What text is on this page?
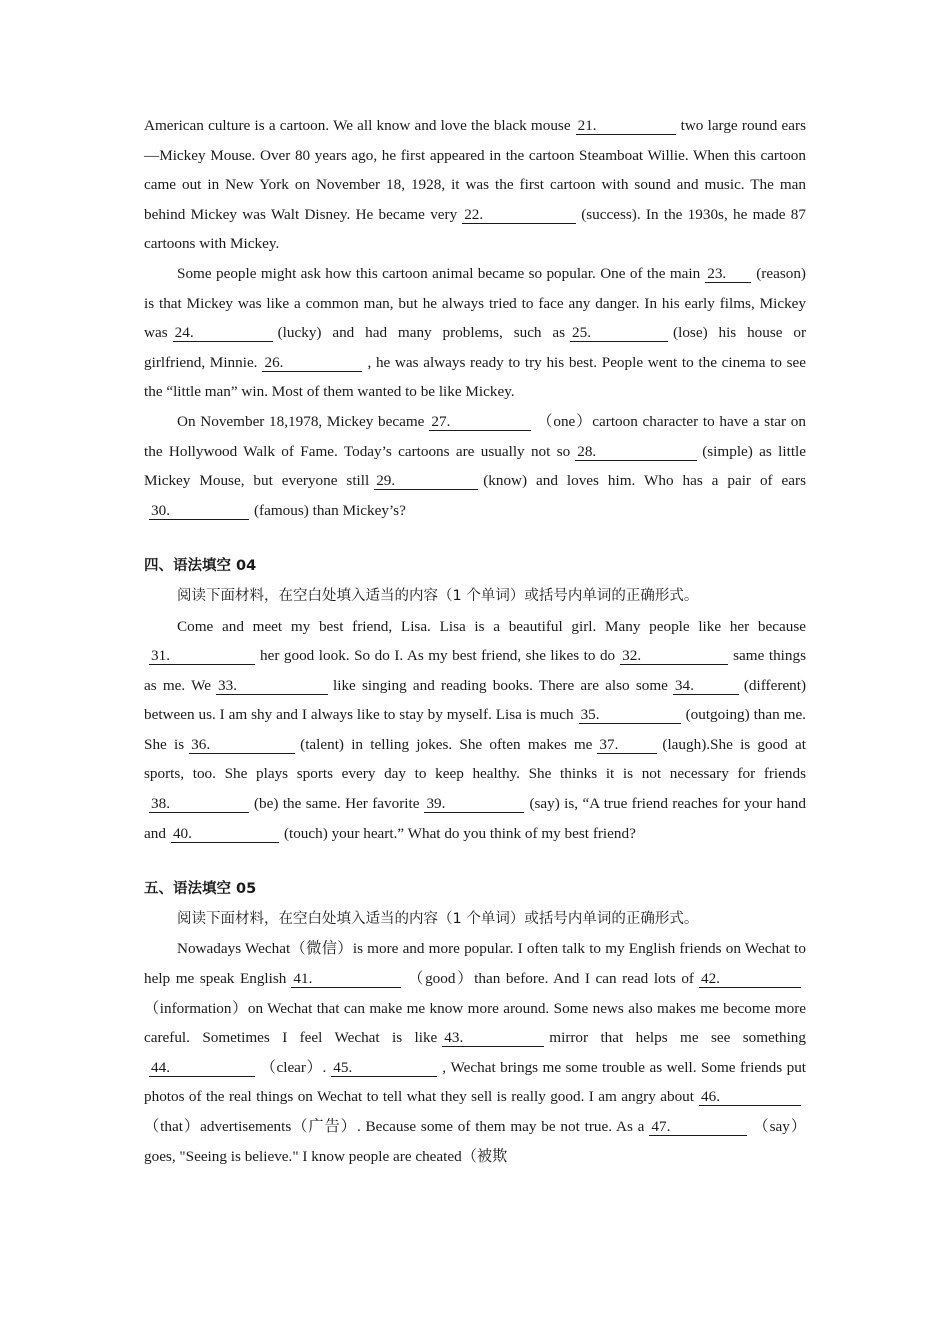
American culture is a cartoon. We all know and love the black mouse 21.	two large round ears—Mickey Mouse. Over 80 years ago, he first appeared in the cartoon Steamboat Willie. When this cartoon came out in New York on November 18, 1928, it was the first cartoon with sound and music. The man behind Mickey was Walt Disney. He became very 22.	(success). In the 1930s, he made 87 cartoons with Mickey.

Some people might ask how this cartoon animal became so popular. One of the main 23. (reason) is that Mickey was like a common man, but he always tried to face any danger. In his early films, Mickey was 24.	(lucky) and had many problems, such as 25.	(lose) his house or girlfriend, Minnie. 26.	, he was always ready to try his best. People went to the cinema to see the “little man” win. Most of them wanted to be like Mickey.

On November 18,1978, Mickey became 27.	（one）cartoon character to have a star on the Hollywood Walk of Fame. Today’s cartoons are usually not so 28.	(simple) as little Mickey Mouse, but everyone still 29.	(know) and loves him. Who has a pair of ears30.	(famous) than Mickey’s?

四、语法填空 04

阅读下面材料，在空白处填入适当的内容（1 个单词）或括号内单词的正确形式。

Come and meet my best friend, Lisa. Lisa is a beautiful girl. Many people like her because31.	her good look. So do I. As my best friend, she likes to do 32.	same things as me. We 33.	like singing and reading books. There are also some 34.	(different) between us. I am shy and I always like to stay by myself. Lisa is much 35.	(outgoing) than me. She is 36.	(talent) in telling jokes. She often makes me 37.	(laugh).She is good at sports, too. She plays sports every day to keep healthy. She thinks it is not necessary for friends38.	(be) the same. Her favorite 39.	(say) is, “A true friend reaches for your hand and 40.	(touch) your heart.” What do you think of my best friend?

五、语法填空 05

阅读下面材料，在空白处填入适当的内容（1 个单词）或括号内单词的正确形式。

Nowadays Wechat（微信）is more and more popular. I often talk to my English friends on Wechat to help me speak English 41.	（good）than before. And I can read lots of 42.（information）on Wechat that can make me know more around. Some news also makes me become more careful. Sometimes I feel Wechat is like 43.	mirror that helps me see something44.	（clear）. 45.	, Wechat brings me some trouble as well. Some friends put photos of the real things on Wechat to tell what they sell is really good. I am angry about 46.（that）advertisements（广告）. Because some of them may be not true. As a 47.	（say）goes, "Seeing is believe." I know people are cheated（被欺
